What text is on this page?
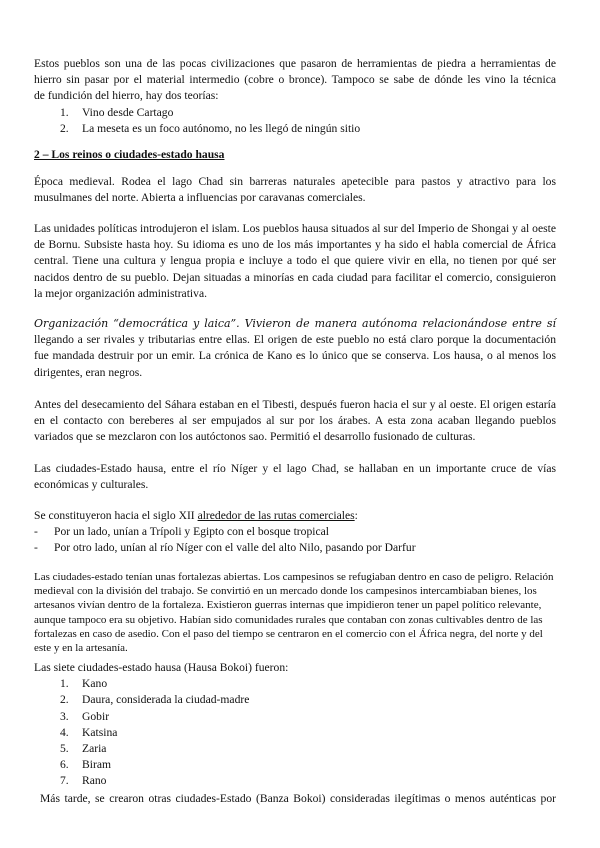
Estos pueblos son una de las pocas civilizaciones que pasaron de herramientas de piedra a herramientas de
hierro sin pasar por el material intermedio (cobre o bronce). Tampoco se sabe de dónde les vino la técnica
de fundición del hierro, hay dos teorías:
1.	Vino desde Cartago
2.	La meseta es un foco autónomo, no les llegó de ningún sitio
2 – Los reinos o ciudades-estado hausa
Época medieval. Rodea el lago Chad sin barreras naturales apetecible para pastos y atractivo para los musulmanes del norte. Abierta a influencias por caravanas comerciales.
Las unidades políticas introdujeron el islam. Los pueblos hausa situados al sur del Imperio de Shongai y al oeste de Bornu. Subsiste hasta hoy. Su idioma es uno de los más importantes y ha sido el habla comercial de África central. Tiene una cultura y lengua propia e incluye a todo el que quiere vivir en ella, no tienen por qué ser nacidos dentro de su pueblo. Dejan situadas a minorías en cada ciudad para facilitar el comercio, consiguieron la mejor organización administrativa.
Organización “democrática y laica”. Vivieron de manera autónoma relacionándose entre sí llegando a ser rivales y tributarias entre ellas. El origen de este pueblo no está claro porque la documentación fue mandada destruir por un emir. La crónica de Kano es lo único que se conserva. Los hausa, o al menos los dirigentes, eran negros.
Antes del desecamiento del Sáhara estaban en el Tibesti, después fueron hacia el sur y al oeste. El origen estaría en el contacto con bereberes al ser empujados al sur por los árabes. A esta zona acaban llegando pueblos variados que se mezclaron con los autóctonos sao. Permitió el desarrollo fusionado de culturas.
Las ciudades-Estado hausa, entre el río Níger y el lago Chad, se hallaban en un importante cruce de vías económicas y culturales.
Se constituyeron hacia el siglo XII alrededor de las rutas comerciales:
- Por un lado, unían a Trípoli y Egipto con el bosque tropical
- Por otro lado, unían al río Níger con el valle del alto Nilo, pasando por Darfur
Las ciudades-estado tenían unas fortalezas abiertas. Los campesinos se refugiaban dentro en caso de peligro. Relación medieval con la división del trabajo. Se convirtió en un mercado donde los campesinos intercambiaban bienes, los artesanos vivían dentro de la fortaleza. Existieron guerras internas que impidieron tener un papel político relevante, aunque tampoco era su objetivo. Habían sido comunidades rurales que contaban con zonas cultivables dentro de las fortalezas en caso de asedio. Con el paso del tiempo se centraron en el comercio con el África negra, del norte y del este y en la artesanía.
Las siete ciudades-estado hausa (Hausa Bokoi) fueron:
1.	Kano
2.	Daura, considerada la ciudad-madre
3.	Gobir
4.	Katsina
5.	Zaria
6.	Biram
7.	Rano
Más tarde, se crearon otras ciudades-Estado (Banza Bokoi) consideradas ilegítimas o menos auténticas por
